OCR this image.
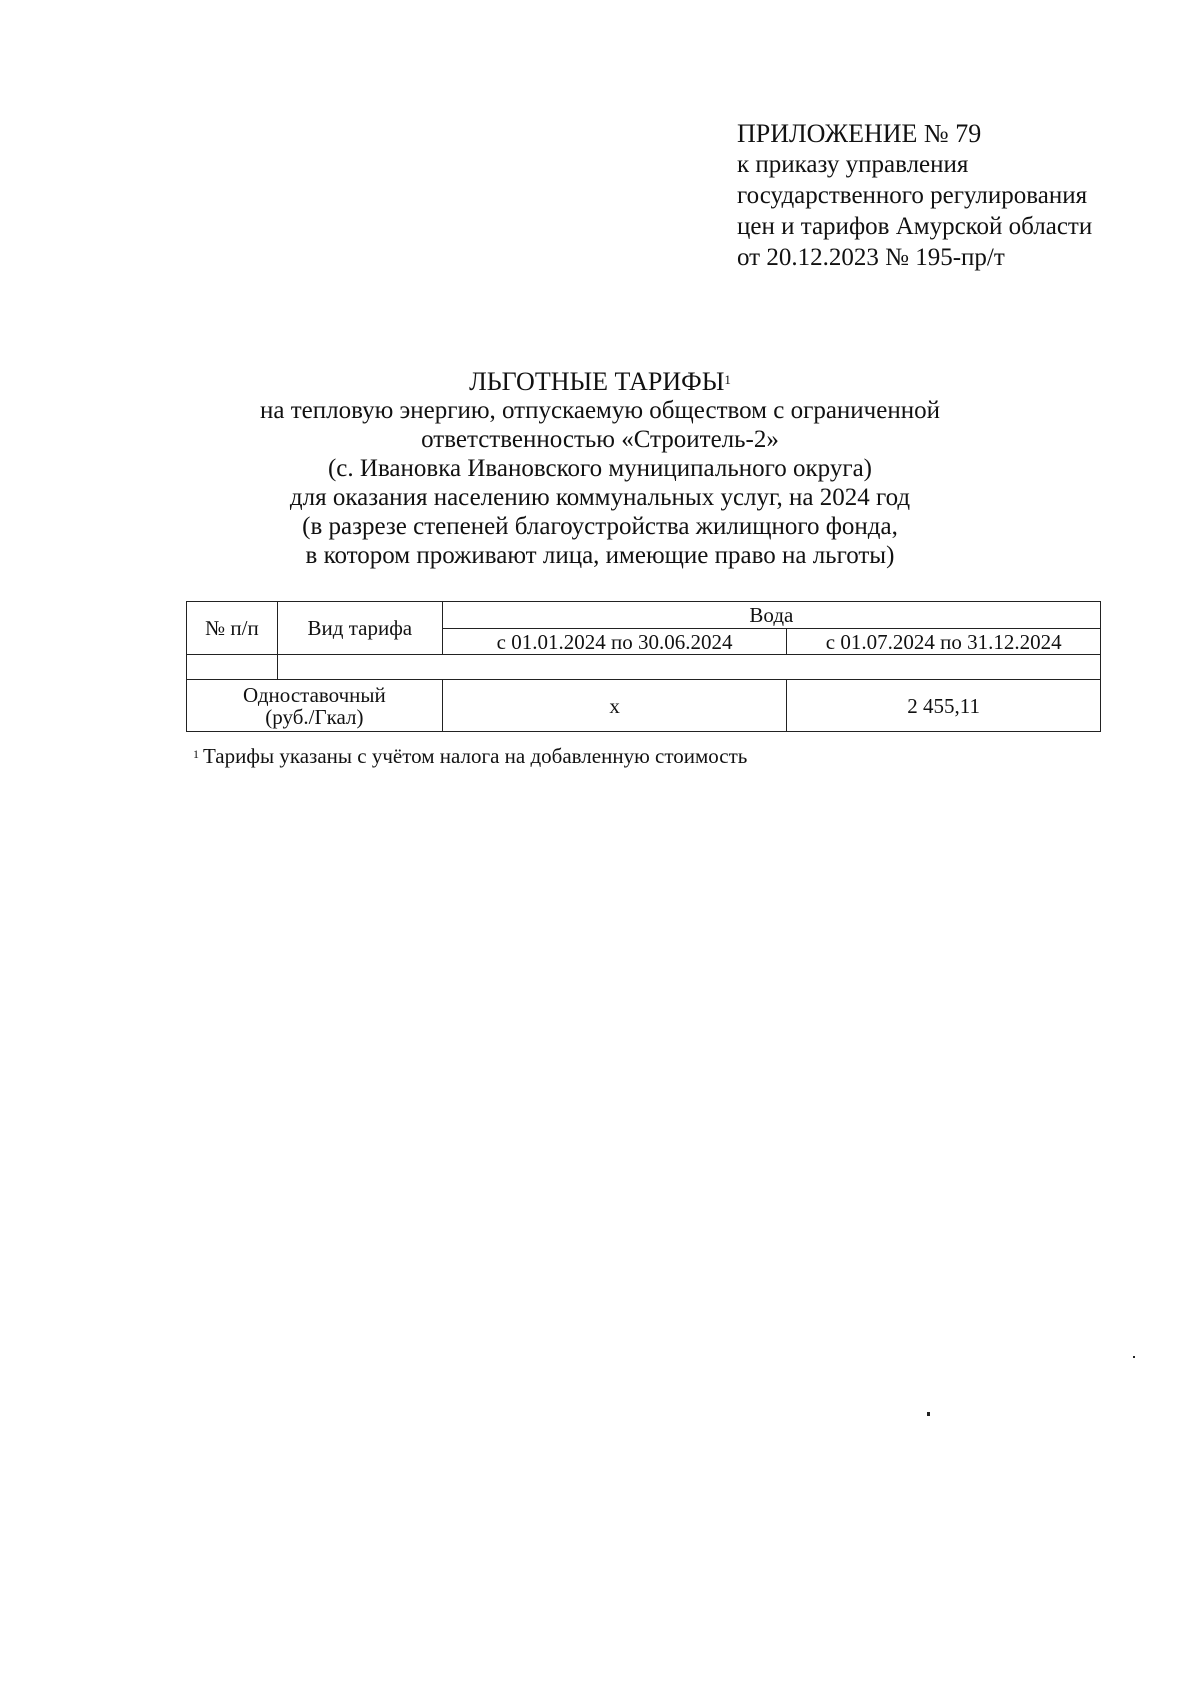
ПРИЛОЖЕНИЕ № 79
к приказу управления
государственного регулирования
цен и тарифов Амурской области
от 20.12.2023 № 195-пр/т
ЛЬГОТНЫЕ ТАРИФЫ$^1$
на тепловую энергию, отпускаемую обществом с ограниченной
ответственностью «Строитель-2»
(с. Ивановка Ивановского муниципального округа)
для оказания населению коммунальных услуг, на 2024 год
(в разрезе степеней благоустройства жилищного фонда,
в котором проживают лица, имеющие право на льготы)
№ п/п	Вид тарифа	Вода	
		с 01.01.2024 по 30.06.2024	с 01.07.2024 по 31.12.2024

Одноставочный
(руб./Гкал)		х	2 455,11
$^1$ Тарифы указаны с учётом налога на добавленную стоимость
